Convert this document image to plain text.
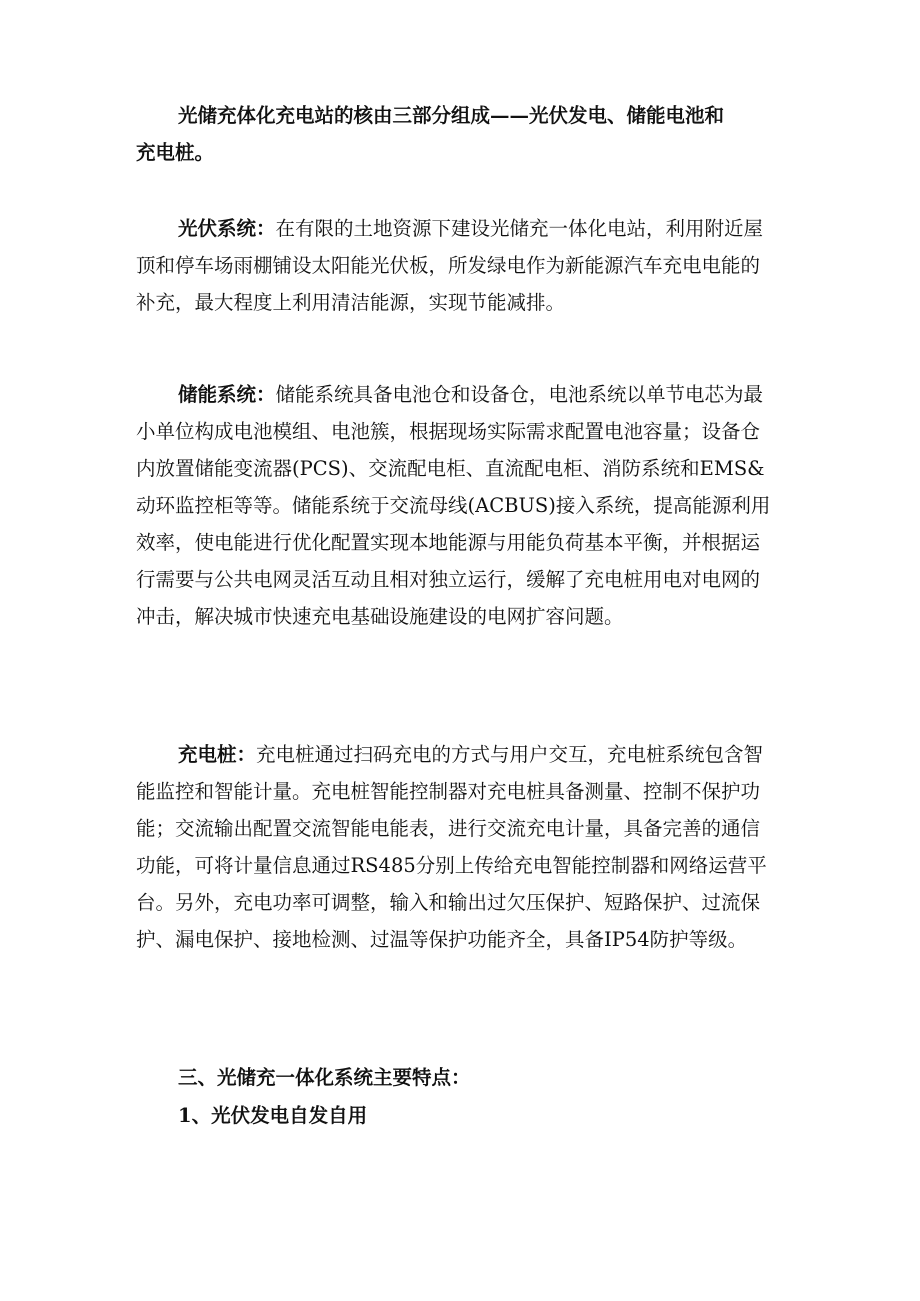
光储充体化充电站的核由三部分组成——光伏发电、储能电池和
充电桩。
光伏系统：在有限的土地资源下建设光储充一体化电站，利用附近屋
顶和停车场雨棚铺设太阳能光伏板，所发绿电作为新能源汽车充电电能的
补充，最大程度上利用清洁能源，实现节能减排。
储能系统：储能系统具备电池仓和设备仓，电池系统以单节电芯为最
小单位构成电池模组、电池簇，根据现场实际需求配置电池容量；设备仓
内放置储能变流器(PCS)、交流配电柜、直流配电柜、消防系统和EMS&
动环监控柜等等。储能系统于交流母线(ACBUS)接入系统，提高能源利用
效率，使电能进行优化配置实现本地能源与用能负荷基本平衡，并根据运
行需要与公共电网灵活互动且相对独立运行，缓解了充电桩用电对电网的
冲击，解决城市快速充电基础设施建设的电网扩容问题。
充电桩：充电桩通过扫码充电的方式与用户交互，充电桩系统包含智
能监控和智能计量。充电桩智能控制器对充电桩具备测量、控制不保护功
能；交流输出配置交流智能电能表，进行交流充电计量，具备完善的通信
功能，可将计量信息通过RS485分别上传给充电智能控制器和网络运营平
台。另外，充电功率可调整，输入和输出过欠压保护、短路保护、过流保
护、漏电保护、接地检测、过温等保护功能齐全，具备IP54防护等级。
三、光储充一体化系统主要特点：
1、光伏发电自发自用
